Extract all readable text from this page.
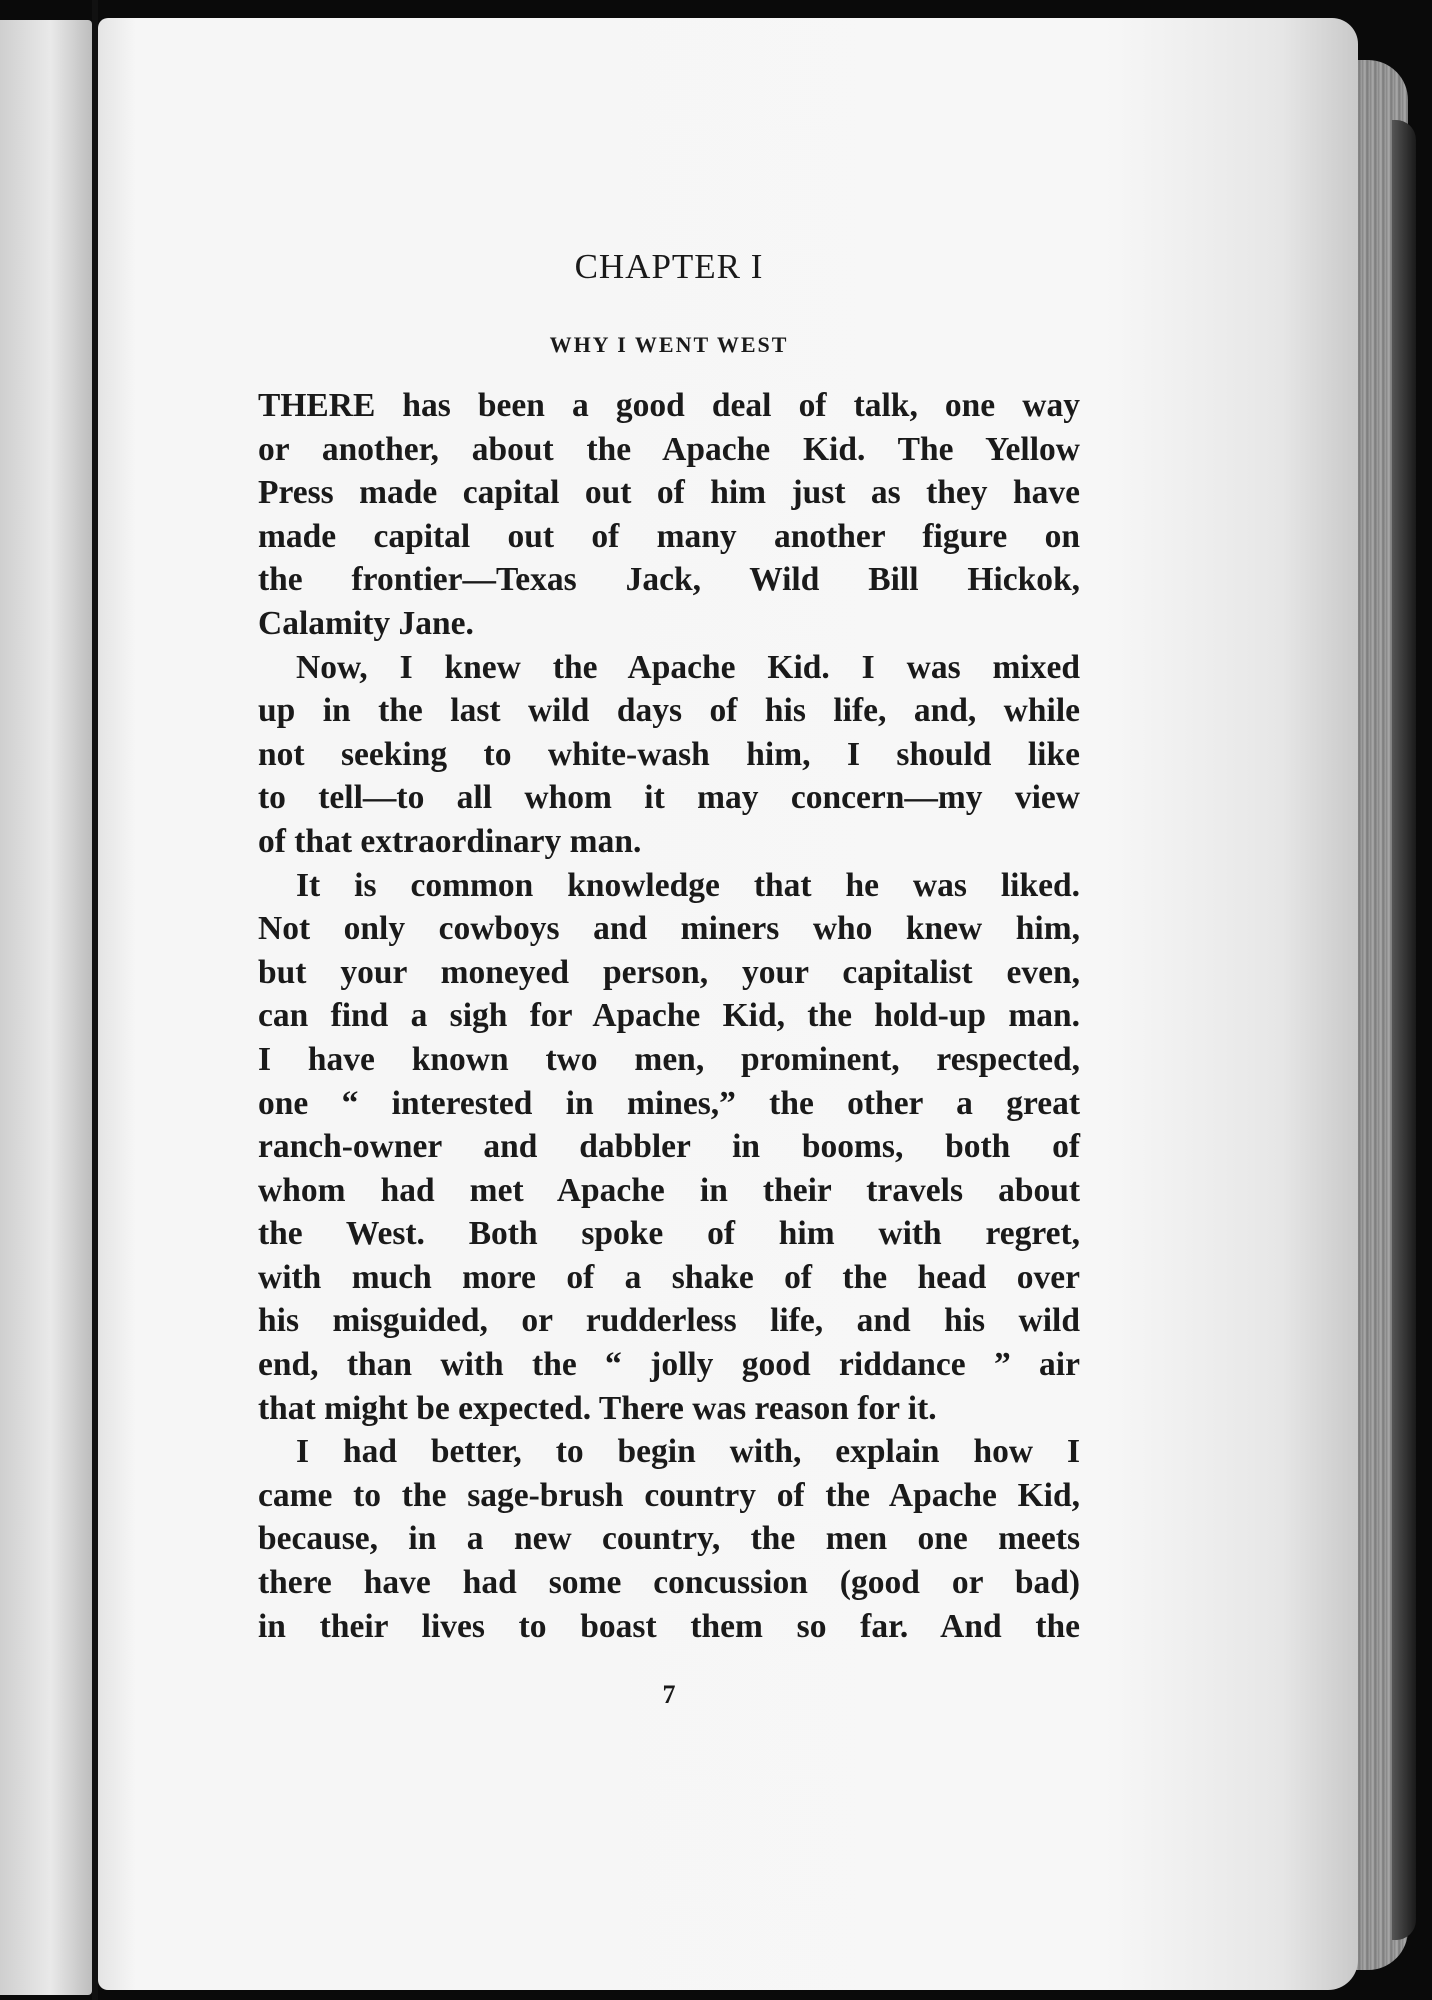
CHAPTER I
WHY I WENT WEST
THERE has been a good deal of talk, one way
or another, about the Apache Kid. The Yellow
Press made capital out of him just as they have
made capital out of many another figure on
the frontier—Texas Jack, Wild Bill Hickok,
Calamity Jane.
Now, I knew the Apache Kid. I was mixed
up in the last wild days of his life, and, while
not seeking to white-wash him, I should like
to tell—to all whom it may concern—my view
of that extraordinary man.
It is common knowledge that he was liked.
Not only cowboys and miners who knew him,
but your moneyed person, your capitalist even,
can find a sigh for Apache Kid, the hold-up man.
I have known two men, prominent, respected,
one “ interested in mines,” the other a great
ranch-owner and dabbler in booms, both of
whom had met Apache in their travels about
the West. Both spoke of him with regret,
with much more of a shake of the head over
his misguided, or rudderless life, and his wild
end, than with the “ jolly good riddance ” air
that might be expected. There was reason for it.
I had better, to begin with, explain how I
came to the sage-brush country of the Apache Kid,
because, in a new country, the men one meets
there have had some concussion (good or bad)
in their lives to boast them so far. And the
7
